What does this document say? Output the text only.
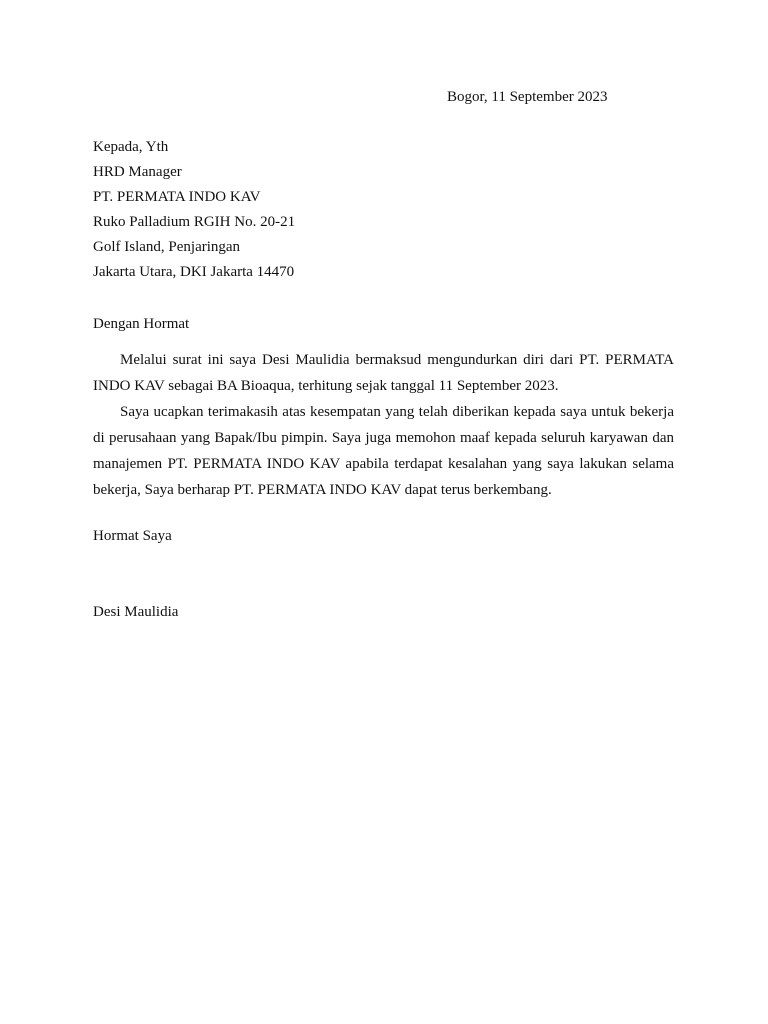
Bogor, 11 September 2023
Kepada, Yth
HRD Manager
PT. PERMATA INDO KAV
Ruko Palladium RGIH No. 20-21
Golf Island, Penjaringan
Jakarta Utara, DKI Jakarta 14470
Dengan Hormat
Melalui surat ini saya Desi Maulidia bermaksud mengundurkan diri dari PT. PERMATA INDO KAV sebagai BA Bioaqua, terhitung sejak tanggal 11 September 2023.
Saya ucapkan terimakasih atas kesempatan yang telah diberikan kepada saya untuk bekerja di perusahaan yang Bapak/Ibu pimpin. Saya juga memohon maaf kepada seluruh karyawan dan manajemen PT. PERMATA INDO KAV apabila terdapat kesalahan yang saya lakukan selama bekerja, Saya berharap PT. PERMATA INDO KAV dapat terus berkembang.
Hormat Saya
Desi Maulidia
